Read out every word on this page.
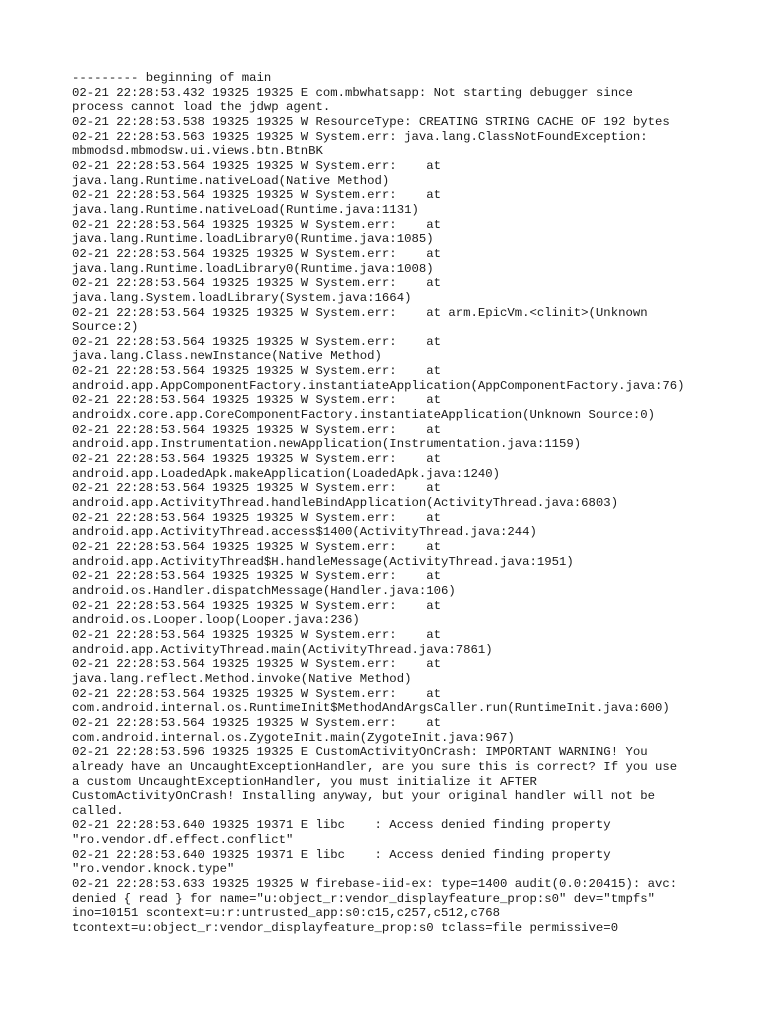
--------- beginning of main
02-21 22:28:53.432 19325 19325 E com.mbwhatsapp: Not starting debugger since
process cannot load the jdwp agent.
02-21 22:28:53.538 19325 19325 W ResourceType: CREATING STRING CACHE OF 192 bytes
02-21 22:28:53.563 19325 19325 W System.err: java.lang.ClassNotFoundException:
mbmodsd.mbmodsw.ui.views.btn.BtnBK
02-21 22:28:53.564 19325 19325 W System.err:    at
java.lang.Runtime.nativeLoad(Native Method)
02-21 22:28:53.564 19325 19325 W System.err:    at
java.lang.Runtime.nativeLoad(Runtime.java:1131)
02-21 22:28:53.564 19325 19325 W System.err:    at
java.lang.Runtime.loadLibrary0(Runtime.java:1085)
02-21 22:28:53.564 19325 19325 W System.err:    at
java.lang.Runtime.loadLibrary0(Runtime.java:1008)
02-21 22:28:53.564 19325 19325 W System.err:    at
java.lang.System.loadLibrary(System.java:1664)
02-21 22:28:53.564 19325 19325 W System.err:    at arm.EpicVm.<clinit>(Unknown
Source:2)
02-21 22:28:53.564 19325 19325 W System.err:    at
java.lang.Class.newInstance(Native Method)
02-21 22:28:53.564 19325 19325 W System.err:    at
android.app.AppComponentFactory.instantiateApplication(AppComponentFactory.java:76)
02-21 22:28:53.564 19325 19325 W System.err:    at
androidx.core.app.CoreComponentFactory.instantiateApplication(Unknown Source:0)
02-21 22:28:53.564 19325 19325 W System.err:    at
android.app.Instrumentation.newApplication(Instrumentation.java:1159)
02-21 22:28:53.564 19325 19325 W System.err:    at
android.app.LoadedApk.makeApplication(LoadedApk.java:1240)
02-21 22:28:53.564 19325 19325 W System.err:    at
android.app.ActivityThread.handleBindApplication(ActivityThread.java:6803)
02-21 22:28:53.564 19325 19325 W System.err:    at
android.app.ActivityThread.access$1400(ActivityThread.java:244)
02-21 22:28:53.564 19325 19325 W System.err:    at
android.app.ActivityThread$H.handleMessage(ActivityThread.java:1951)
02-21 22:28:53.564 19325 19325 W System.err:    at
android.os.Handler.dispatchMessage(Handler.java:106)
02-21 22:28:53.564 19325 19325 W System.err:    at
android.os.Looper.loop(Looper.java:236)
02-21 22:28:53.564 19325 19325 W System.err:    at
android.app.ActivityThread.main(ActivityThread.java:7861)
02-21 22:28:53.564 19325 19325 W System.err:    at
java.lang.reflect.Method.invoke(Native Method)
02-21 22:28:53.564 19325 19325 W System.err:    at
com.android.internal.os.RuntimeInit$MethodAndArgsCaller.run(RuntimeInit.java:600)
02-21 22:28:53.564 19325 19325 W System.err:    at
com.android.internal.os.ZygoteInit.main(ZygoteInit.java:967)
02-21 22:28:53.596 19325 19325 E CustomActivityOnCrash: IMPORTANT WARNING! You
already have an UncaughtExceptionHandler, are you sure this is correct? If you use
a custom UncaughtExceptionHandler, you must initialize it AFTER
CustomActivityOnCrash! Installing anyway, but your original handler will not be
called.
02-21 22:28:53.640 19325 19371 E libc    : Access denied finding property
"ro.vendor.df.effect.conflict"
02-21 22:28:53.640 19325 19371 E libc    : Access denied finding property
"ro.vendor.knock.type"
02-21 22:28:53.633 19325 19325 W firebase-iid-ex: type=1400 audit(0.0:20415): avc:
denied { read } for name="u:object_r:vendor_displayfeature_prop:s0" dev="tmpfs"
ino=10151 scontext=u:r:untrusted_app:s0:c15,c257,c512,c768
tcontext=u:object_r:vendor_displayfeature_prop:s0 tclass=file permissive=0
